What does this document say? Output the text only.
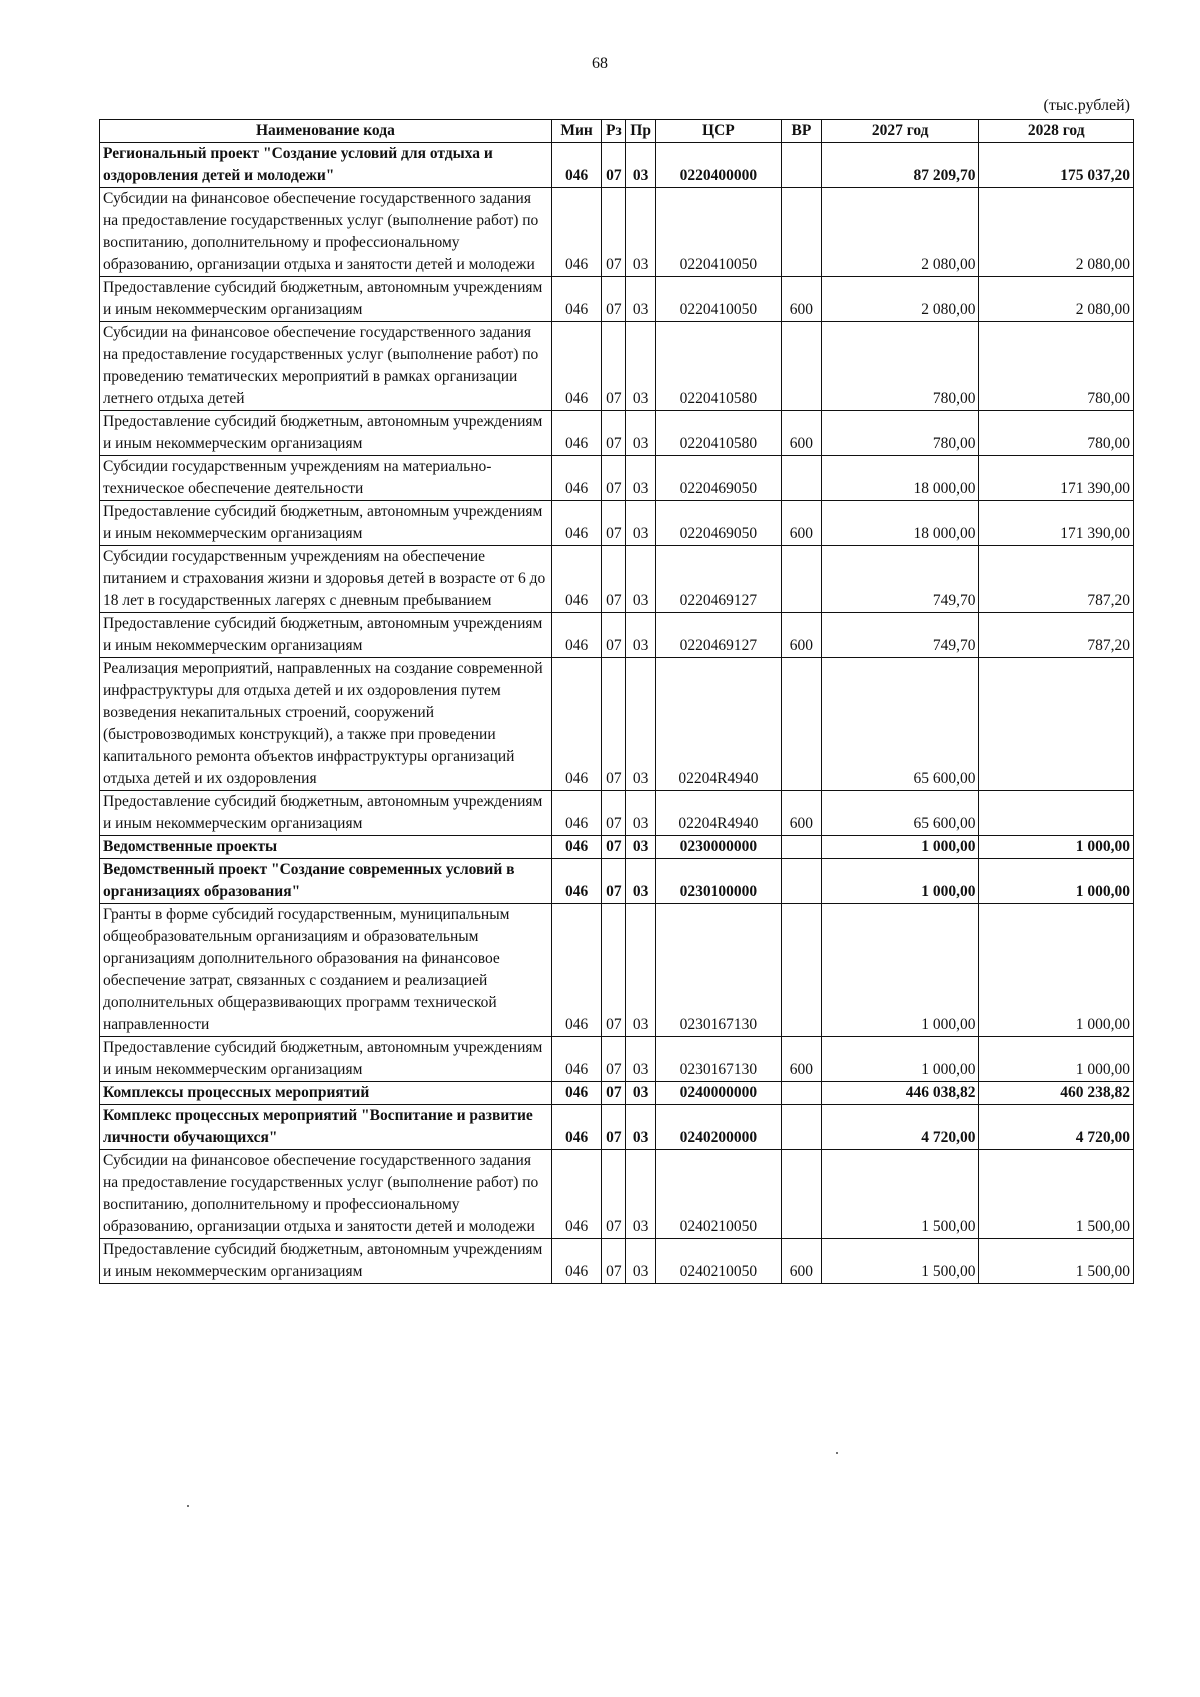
68
(тыс.рублей)
Наименование кода	Мин	Рз	Пр	ЦСР	ВР	2027 год	2028 год
Региональный проект "Создание условий для отдыха и оздоровления детей и молодежи"	046	07	03	0220400000		87 209,70	175 037,20
Субсидии на финансовое обеспечение государственного задания на предоставление государственных услуг (выполнение работ) по воспитанию, дополнительному и профессиональному образованию, организации отдыха и занятости детей и молодежи	046	07	03	0220410050		2 080,00	2 080,00
Предоставление субсидий бюджетным, автономным учреждениям и иным некоммерческим организациям	046	07	03	0220410050	600	2 080,00	2 080,00
Субсидии на финансовое обеспечение государственного задания на предоставление государственных услуг (выполнение работ) по проведению тематических мероприятий в рамках организации летнего отдыха детей	046	07	03	0220410580		780,00	780,00
Предоставление субсидий бюджетным, автономным учреждениям и иным некоммерческим организациям	046	07	03	0220410580	600	780,00	780,00
Субсидии государственным учреждениям на материально-техническое обеспечение деятельности	046	07	03	0220469050		18 000,00	171 390,00
Предоставление субсидий бюджетным, автономным учреждениям и иным некоммерческим организациям	046	07	03	0220469050	600	18 000,00	171 390,00
Субсидии государственным учреждениям на обеспечение питанием и страхования жизни и здоровья детей в возрасте от 6 до 18 лет в государственных лагерях с дневным пребыванием	046	07	03	0220469127		749,70	787,20
Предоставление субсидий бюджетным, автономным учреждениям и иным некоммерческим организациям	046	07	03	0220469127	600	749,70	787,20
Реализация мероприятий, направленных на создание современной инфраструктуры для отдыха детей и их оздоровления путем возведения некапитальных строений, сооружений (быстровозводимых конструкций), а также при проведении капитального ремонта объектов инфраструктуры организаций отдыха детей и их оздоровления	046	07	03	02204R4940		65 600,00	
Предоставление субсидий бюджетным, автономным учреждениям и иным некоммерческим организациям	046	07	03	02204R4940	600	65 600,00	
Ведомственные проекты	046	07	03	0230000000		1 000,00	1 000,00
Ведомственный проект "Создание современных условий в организациях образования"	046	07	03	0230100000		1 000,00	1 000,00
Гранты в форме субсидий государственным, муниципальным общеобразовательным организациям и образовательным организациям дополнительного образования на финансовое обеспечение затрат, связанных с созданием и реализацией дополнительных общеразвивающих программ технической направленности	046	07	03	0230167130		1 000,00	1 000,00
Предоставление субсидий бюджетным, автономным учреждениям и иным некоммерческим организациям	046	07	03	0230167130	600	1 000,00	1 000,00
Комплексы процессных мероприятий	046	07	03	0240000000		446 038,82	460 238,82
Комплекс процессных мероприятий "Воспитание и развитие личности обучающихся"	046	07	03	0240200000		4 720,00	4 720,00
Субсидии на финансовое обеспечение государственного задания на предоставление государственных услуг (выполнение работ) по воспитанию, дополнительному и профессиональному образованию, организации отдыха и занятости детей и молодежи	046	07	03	0240210050		1 500,00	1 500,00
Предоставление субсидий бюджетным, автономным учреждениям и иным некоммерческим организациям	046	07	03	0240210050	600	1 500,00	1 500,00
